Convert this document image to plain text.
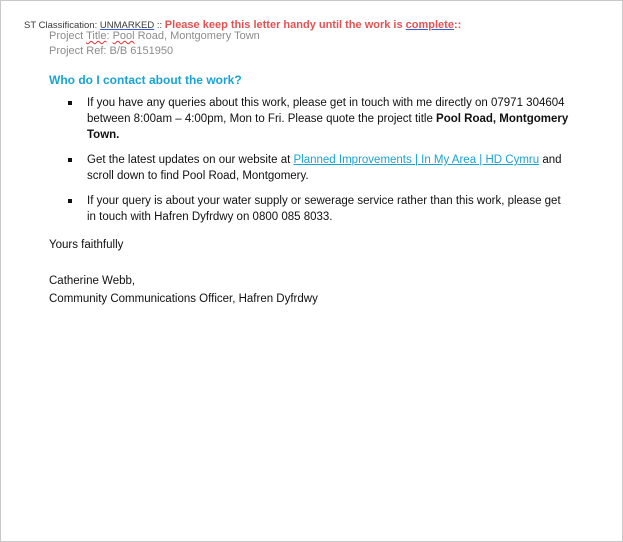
ST Classification: UNMARKED :: Please keep this letter handy until the work is complete::
Project Title: Pool Road, Montgomery Town
Project Ref: B/B 6151950
Who do I contact about the work?
If you have any queries about this work, please get in touch with me directly on 07971 304604 between 8:00am – 4:00pm, Mon to Fri. Please quote the project title Pool Road, Montgomery Town.
Get the latest updates on our website at Planned Improvements | In My Area | HD Cymru and scroll down to find Pool Road, Montgomery.
If your query is about your water supply or sewerage service rather than this work, please get in touch with Hafren Dyfrdwy on 0800 085 8033.
Yours faithfully
Catherine Webb,
Community Communications Officer, Hafren Dyfrdwy
